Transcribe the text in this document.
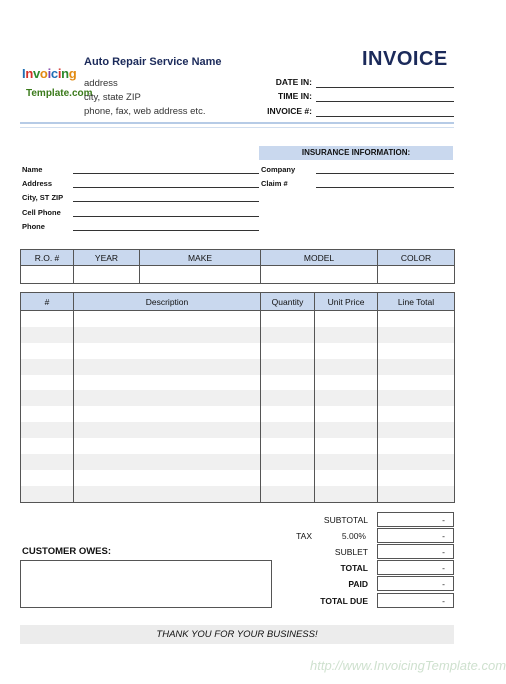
Invoicing
Template.com
Auto Repair Service Name
address
city, state ZIP
phone, fax, web address etc.
INVOICE
DATE IN:
TIME IN:
INVOICE #:
INSURANCE INFORMATION:
Company
Claim #
Name
Address
City, ST ZIP
Cell Phone
Phone
R.O. #	YEAR	MAKE	MODEL	COLOR

#	Description	Quantity	Unit Price	Line Total

SUBTOTAL	-
TAX	5.00%	-
SUBLET	-
TOTAL	-
PAID	-
TOTAL DUE	-
CUSTOMER OWES:
THANK YOU FOR YOUR BUSINESS!
http://www.InvoicingTemplate.com
